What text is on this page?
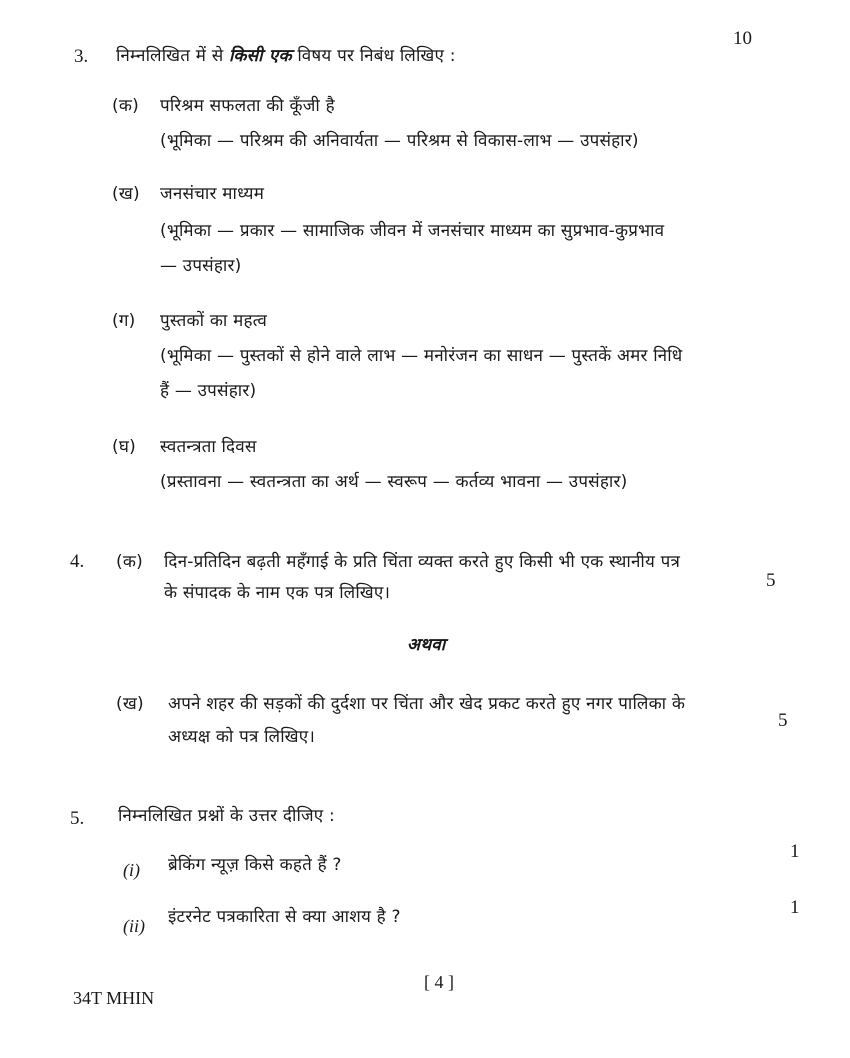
10
3. निम्नलिखित में से किसी एक विषय पर निबंध लिखिए :
(क) परिश्रम सफलता की कूँजी है
(भूमिका — परिश्रम की अनिवार्यता — परिश्रम से विकास-लाभ — उपसंहार)
(ख) जनसंचार माध्यम
(भूमिका — प्रकार — सामाजिक जीवन में जनसंचार माध्यम का सुप्रभाव-कुप्रभाव
— उपसंहार)
(ग) पुस्तकों का महत्व
(भूमिका — पुस्तकों से होने वाले लाभ — मनोरंजन का साधन — पुस्तकें अमर निधि
हैं — उपसंहार)
(घ) स्वतन्त्रता दिवस
(प्रस्तावना — स्वतन्त्रता का अर्थ — स्वरूप — कर्तव्य भावना — उपसंहार)
4. (क) दिन-प्रतिदिन बढ़ती महँगाई के प्रति चिंता व्यक्त करते हुए किसी भी एक स्थानीय पत्र
के संपादक के नाम एक पत्र लिखिए।
5
अथवा
(ख) अपने शहर की सड़कों की दुर्दशा पर चिंता और खेद प्रकट करते हुए नगर पालिका के
अध्यक्ष को पत्र लिखिए।
5
5. निम्नलिखित प्रश्नों के उत्तर दीजिए :
(i) ब्रेकिंग न्यूज़ किसे कहते हैं ?
1
(ii) इंटरनेट पत्रकारिता से क्या आशय है ?	1
[ 4 ]
34T MHIN
